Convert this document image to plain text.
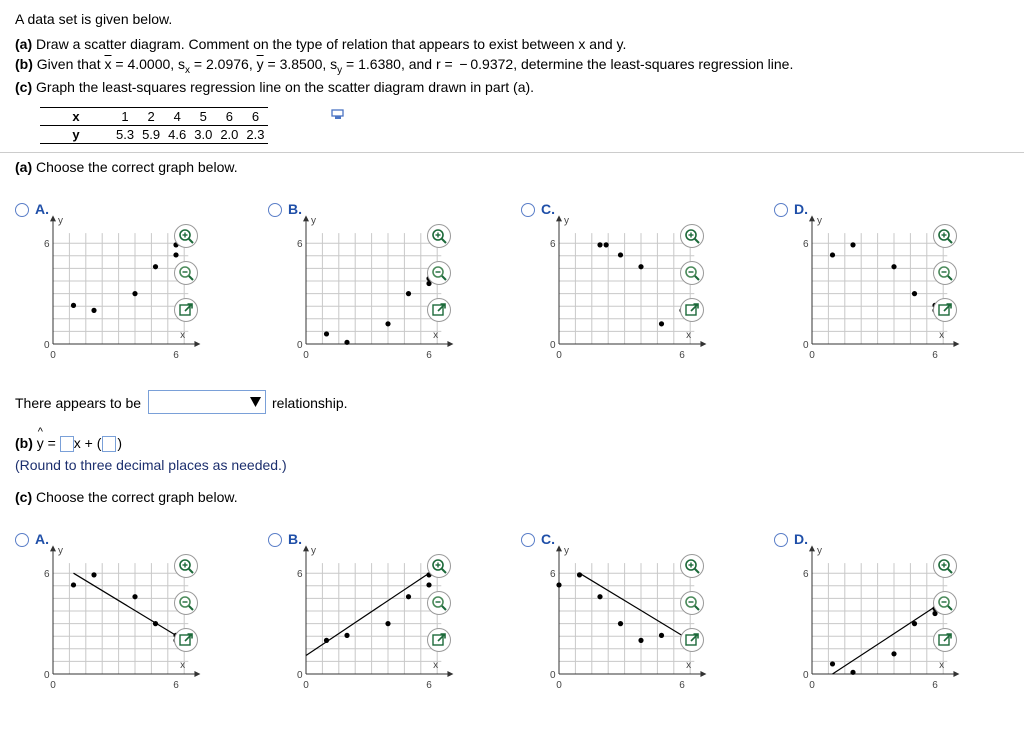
A data set is given below.
(a) Draw a scatter diagram. Comment on the type of relation that appears to exist between x and y.
(b) Given that $\overline{x} = 4.0000$, $s_x = 2.0976$, $\overline{y} = 3.8500$, $s_y = 1.6380$, and r =  − 0.9372, determine the least-squares regression line.
(c) Graph the least-squares regression line on the scatter diagram drawn in part (a).
x	1	2	4	5	6	6
y	5.3	5.9	4.6	3.0	2.0	2.3
(a) Choose the correct graph below.
A.
6
0
0	6
y
x
B.
6
0
0	6
y
x
C.
6
0
0	6
y
x
D.
6
0
0	6
y
x
There appears to be	relationship.
(b) y
^
= x + ( )
(Round to three decimal places as needed.)
(c) Choose the correct graph below.
A.
6
0
0	6
y
x
B.
6
0
0	6
y
x
C.
6
0
0	6
y
x
D.
6
0
0	6
y
x
